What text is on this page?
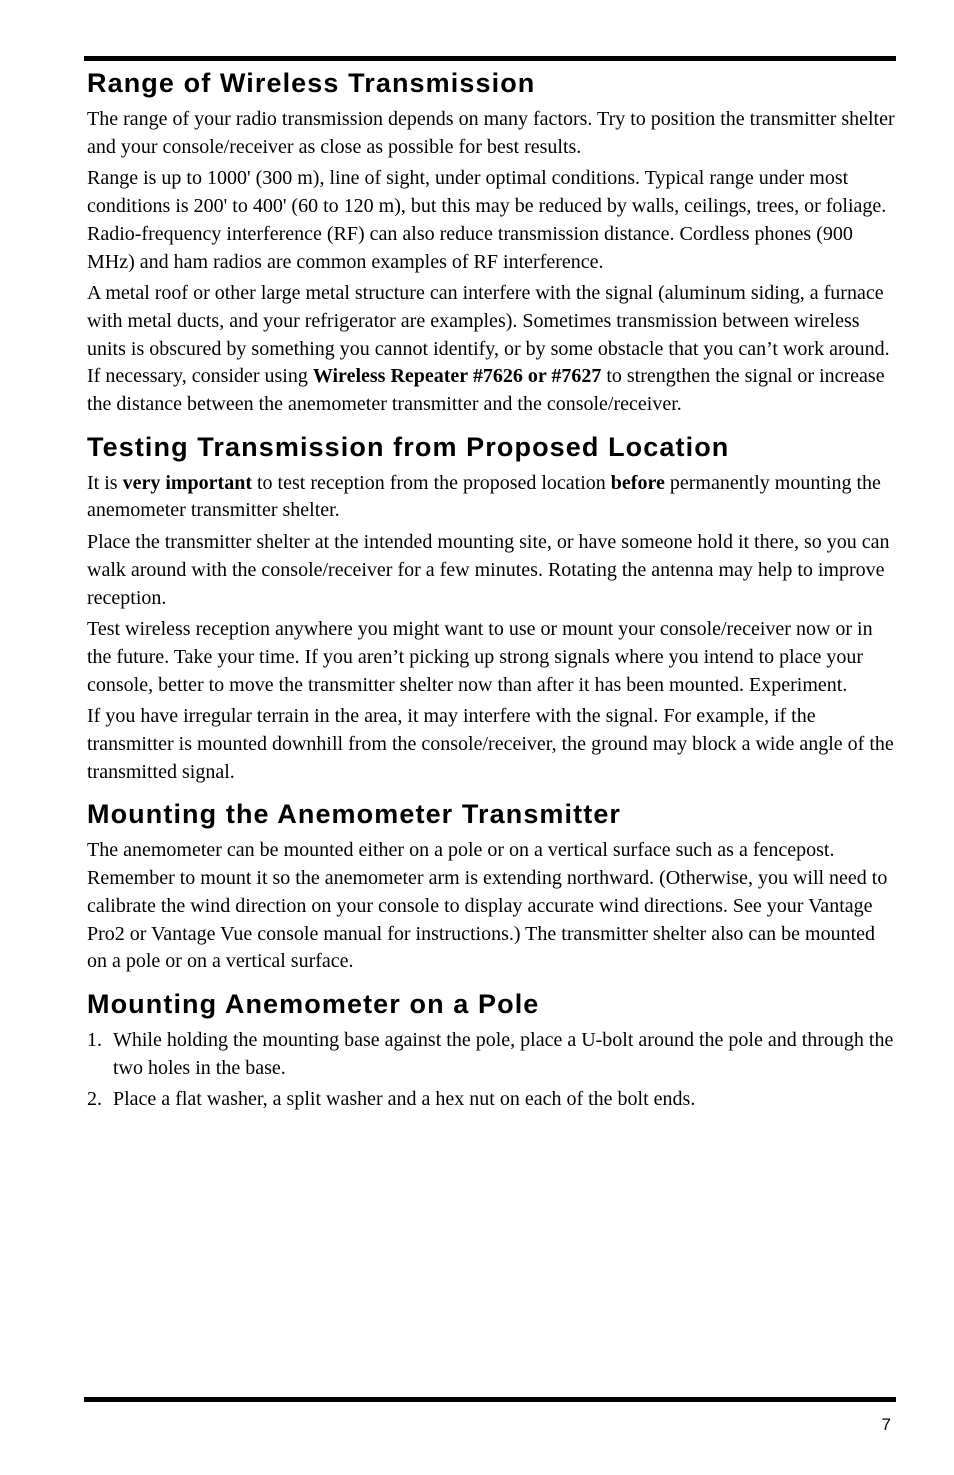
Range of Wireless Transmission

The range of your radio transmission depends on many factors. Try to position the transmitter shelter and your console/receiver as close as possible for best results.

Range is up to 1000' (300 m), line of sight, under optimal conditions. Typical range under most conditions is 200' to 400' (60 to 120 m), but this may be reduced by walls, ceilings, trees, or foliage. Radio-frequency interference (RF) can also reduce transmission distance. Cordless phones (900 MHz) and ham radios are common examples of RF interference.

A metal roof or other large metal structure can interfere with the signal (aluminum siding, a furnace with metal ducts, and your refrigerator are examples). Sometimes transmission between wireless units is obscured by something you cannot identify, or by some obstacle that you can’t work around. If necessary, consider using Wireless Repeater #7626 or #7627 to strengthen the signal or increase the distance between the anemometer transmitter and the console/receiver.

Testing Transmission from Proposed Location

It is very important to test reception from the proposed location before permanently mounting the anemometer transmitter shelter.

Place the transmitter shelter at the intended mounting site, or have someone hold it there, so you can walk around with the console/receiver for a few minutes. Rotating the antenna may help to improve reception.

Test wireless reception anywhere you might want to use or mount your console/receiver now or in the future. Take your time. If you aren’t picking up strong signals where you intend to place your console, better to move the transmitter shelter now than after it has been mounted. Experiment.

If you have irregular terrain in the area, it may interfere with the signal. For example, if the transmitter is mounted downhill from the console/receiver, the ground may block a wide angle of the transmitted signal.

Mounting the Anemometer Transmitter

The anemometer can be mounted either on a pole or on a vertical surface such as a fencepost. Remember to mount it so the anemometer arm is extending northward. (Otherwise, you will need to calibrate the wind direction on your console to display accurate wind directions. See your Vantage Pro2 or Vantage Vue console manual for instructions.) The transmitter shelter also can be mounted on a pole or on a vertical surface.

Mounting Anemometer on a Pole
1. While holding the mounting base against the pole, place a U-bolt around the pole and through the two holes in the base.
2. Place a flat washer, a split washer and a hex nut on each of the bolt ends.
7
